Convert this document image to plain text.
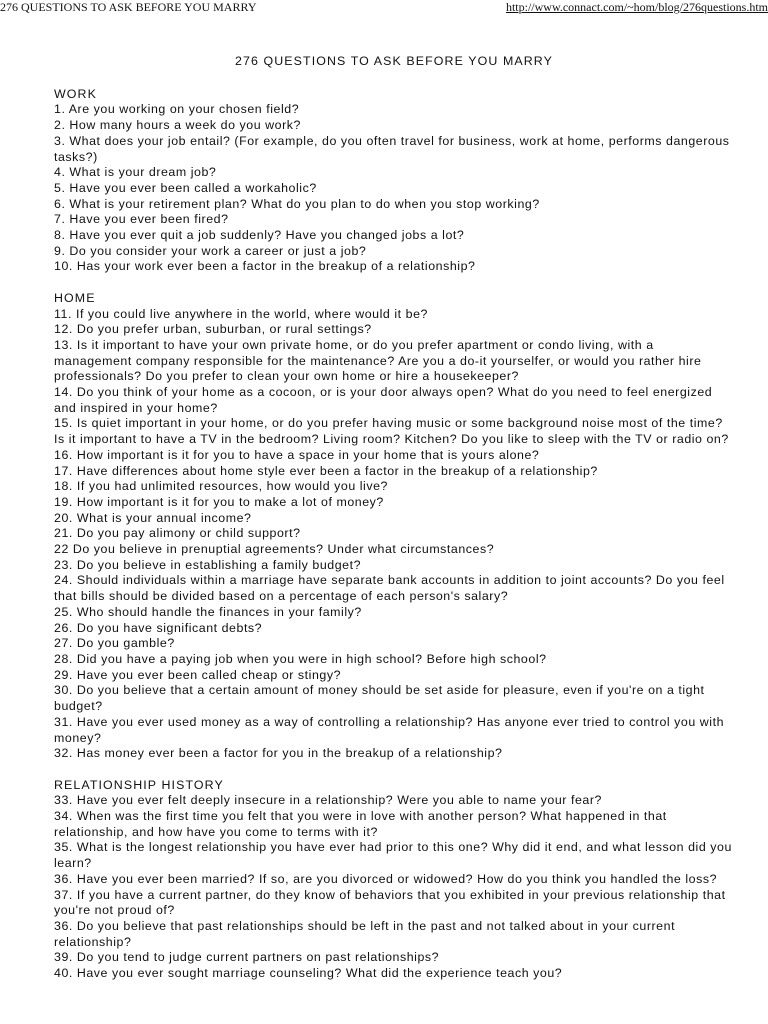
276 QUESTIONS TO ASK BEFORE YOU MARRY	http://www.connact.com/~hom/blog/276questions.htm
276 QUESTIONS TO ASK BEFORE YOU MARRY
WORK
1. Are you working on your chosen field?
2. How many hours a week do you work?
3. What does your job entail? (For example, do you often travel for business, work at home, performs dangerous tasks?)
4. What is your dream job?
5. Have you ever been called a workaholic?
6. What is your retirement plan? What do you plan to do when you stop working?
7. Have you ever been fired?
8. Have you ever quit a job suddenly? Have you changed jobs a lot?
9. Do you consider your work a career or just a job?
10. Has your work ever been a factor in the breakup of a relationship?
HOME
11. If you could live anywhere in the world, where would it be?
12. Do you prefer urban, suburban, or rural settings?
13. Is it important to have your own private home, or do you prefer apartment or condo living, with a management company responsible for the maintenance? Are you a do-it yourselfer, or would you rather hire professionals? Do you prefer to clean your own home or hire a housekeeper?
14. Do you think of your home as a cocoon, or is your door always open? What do you need to feel energized and inspired in your home?
15. Is quiet important in your home, or do you prefer having music or some background noise most of the time? Is it important to have a TV in the bedroom? Living room? Kitchen? Do you like to sleep with the TV or radio on?
16. How important is it for you to have a space in your home that is yours alone?
17. Have differences about home style ever been a factor in the breakup of a relationship?
18. If you had unlimited resources, how would you live?
19. How important is it for you to make a lot of money?
20. What is your annual income?
21. Do you pay alimony or child support?
22 Do you believe in prenuptial agreements? Under what circumstances?
23. Do you believe in establishing a family budget?
24. Should individuals within a marriage have separate bank accounts in addition to joint accounts? Do you feel that bills should be divided based on a percentage of each person's salary?
25. Who should handle the finances in your family?
26. Do you have significant debts?
27. Do you gamble?
28. Did you have a paying job when you were in high school? Before high school?
29. Have you ever been called cheap or stingy?
30. Do you believe that a certain amount of money should be set aside for pleasure, even if you're on a tight budget?
31. Have you ever used money as a way of controlling a relationship? Has anyone ever tried to control you with money?
32. Has money ever been a factor for you in the breakup of a relationship?
RELATIONSHIP HISTORY
33. Have you ever felt deeply insecure in a relationship? Were you able to name your fear?
34. When was the first time you felt that you were in love with another person? What happened in that relationship, and how have you come to terms with it?
35. What is the longest relationship you have ever had prior to this one? Why did it end, and what lesson did you learn?
36. Have you ever been married? If so, are you divorced or widowed? How do you think you handled the loss?
37. If you have a current partner, do they know of behaviors that you exhibited in your previous relationship that you're not proud of?
36. Do you believe that past relationships should be left in the past and not talked about in your current relationship?
39. Do you tend to judge current partners on past relationships?
40. Have you ever sought marriage counseling? What did the experience teach you?
